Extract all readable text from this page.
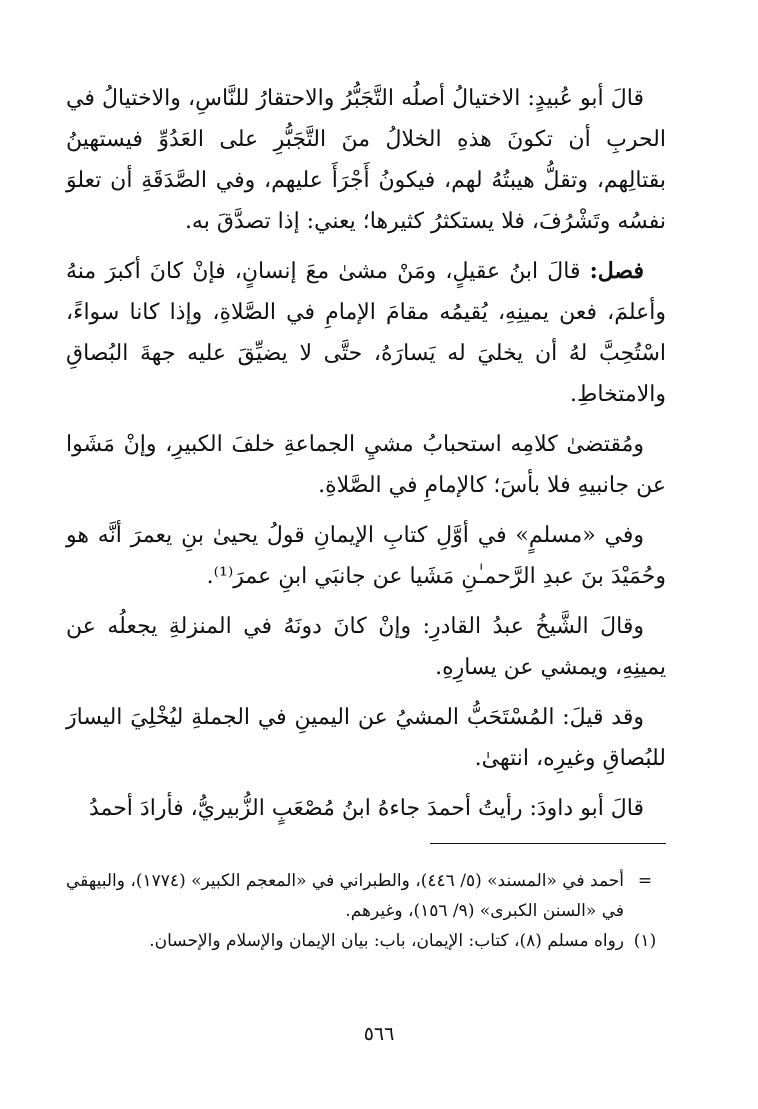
قالَ أبو عُبيدٍ: الاختيالُ أصلُه التَّجَبُّرُ والاحتقارُ للنَّاسِ، والاختيالُ في الحربِ أن تكونَ هذهِ الخلالُ منَ التَّجَبُّرِ على العَدُوِّ فيستهينُ بقتالِهم، وتقلُّ هيبتُهُ لهم، فيكونُ أَجْرَأَ عليهم، وفي الصَّدَقَةِ أن تعلوَ نفسُه وتَشْرُفَ، فلا يستكثرُ كثيرها؛ يعني: إذا تصدَّقَ به.

فصل: قالَ ابنُ عقيلٍ، ومَنْ مشىٰ معَ إنسانٍ، فإنْ كانَ أكبرَ منهُ وأعلمَ، فعن يمينِهِ، يُقيمُه مقامَ الإمامِ في الصَّلاةِ، وإذا كانا سواءً، اسْتُحِبَّ لهُ أن يخليَ له يَسارَهُ، حتَّى لا يضيِّقَ عليه جهةَ البُصاقِ والامتخاطِ.

ومُقتضىٰ كلامِه استحبابُ مشيِ الجماعةِ خلفَ الكبيرِ، وإنْ مَشَوا عن جانبيهِ فلا بأسَ؛ كالإمامِ في الصَّلاةِ.

وفي «مسلمٍ» في أوَّلِ كتابِ الإيمانِ قولُ يحيىٰ بنِ يعمرَ أنَّه هو وحُمَيْدَ بنَ عبدِ الرَّحمـٰنِ مَشَيا عن جانبَي ابنِ عمرَ⁽¹⁾.

وقالَ الشَّيخُ عبدُ القادرِ: وإنْ كانَ دونَهُ في المنزلةِ يجعلُه عن يمينِهِ، ويمشي عن يسارِهِ.

وقد قيلَ: المُسْتَحَبُّ المشيُ عن اليمينِ في الجملةِ ليُخْلِيَ اليسارَ للبُصاقِ وغيرِه، انتهىٰ.

قالَ أبو داودَ: رأيتُ أحمدَ جاءهُ ابنُ مُصْعَبٍ الزُّبيريُّ، فأرادَ أحمدُ

=
أحمد في «المسند» (٥/ ٤٤٦)، والطبراني في «المعجم الكبير» (١٧٧٤)، والبيهقي في «السنن الكبرى» (٩/ ١٥٦)، وغيرهم.
(١)
رواه مسلم (٨)، كتاب: الإيمان، باب: بيان الإيمان والإسلام والإحسان.
٥٦٦
